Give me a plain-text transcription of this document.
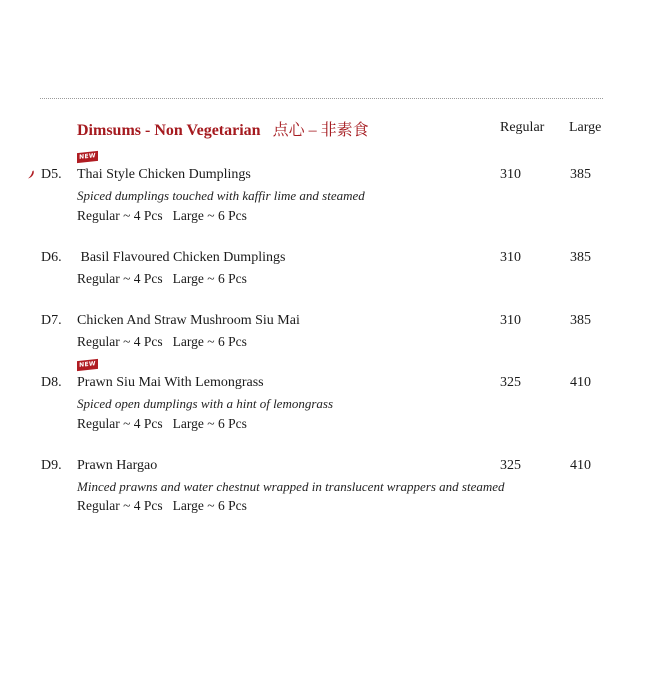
Dimsums - Non Vegetarian 点心 – 非素食	Regular Large
NEW
D5. Thai Style Chicken Dumplings
Spiced dumplings touched with kaffir lime and steamed
Regular ~ 4 Pcs Large ~ 6 Pcs
310	385
D6. Basil Flavoured Chicken Dumplings
Regular ~ 4 Pcs Large ~ 6 Pcs
310	385
D7. Chicken And Straw Mushroom Siu Mai
Regular ~ 4 Pcs Large ~ 6 Pcs
310	385
NEW
D8. Prawn Siu Mai With Lemongrass
Spiced open dumplings with a hint of lemongrass
Regular ~ 4 Pcs Large ~ 6 Pcs
325	410
D9. Prawn Hargao
Minced prawns and water chestnut wrapped in translucent wrappers and steamed
Regular ~ 4 Pcs Large ~ 6 Pcs
325	410
